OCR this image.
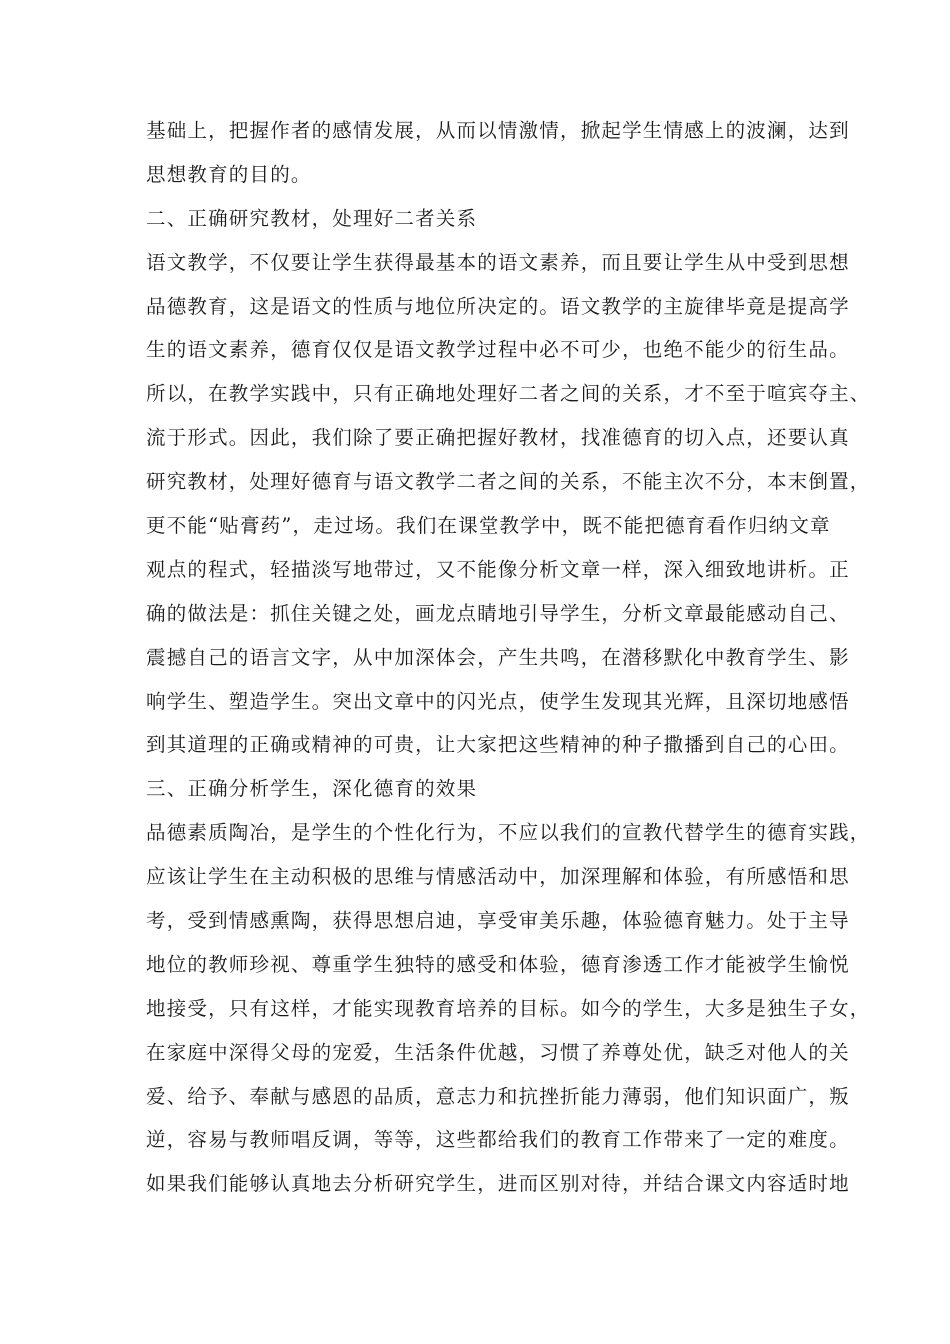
基础上，把握作者的感情发展，从而以情激情，掀起学生情感上的波澜，达到
思想教育的目的。
二、正确研究教材，处理好二者关系
语文教学，不仅要让学生获得最基本的语文素养，而且要让学生从中受到思想
品德教育，这是语文的性质与地位所决定的。语文教学的主旋律毕竟是提高学
生的语文素养，德育仅仅是语文教学过程中必不可少，也绝不能少的衍生品。
所以，在教学实践中，只有正确地处理好二者之间的关系，才不至于喧宾夺主、
流于形式。因此，我们除了要正确把握好教材，找准德育的切入点，还要认真
研究教材，处理好德育与语文教学二者之间的关系，不能主次不分，本末倒置，
更不能“贴膏药”，走过场。我们在课堂教学中，既不能把德育看作归纳文章
观点的程式，轻描淡写地带过，又不能像分析文章一样，深入细致地讲析。正
确的做法是：抓住关键之处，画龙点睛地引导学生，分析文章最能感动自己、
震撼自己的语言文字，从中加深体会，产生共鸣，在潜移默化中教育学生、影
响学生、塑造学生。突出文章中的闪光点，使学生发现其光辉，且深切地感悟
到其道理的正确或精神的可贵，让大家把这些精神的种子撒播到自己的心田。
三、正确分析学生，深化德育的效果
品德素质陶冶，是学生的个性化行为，不应以我们的宣教代替学生的德育实践，
应该让学生在主动积极的思维与情感活动中，加深理解和体验，有所感悟和思
考，受到情感熏陶，获得思想启迪，享受审美乐趣，体验德育魅力。处于主导
地位的教师珍视、尊重学生独特的感受和体验，德育渗透工作才能被学生愉悦
地接受，只有这样，才能实现教育培养的目标。如今的学生，大多是独生子女，
在家庭中深得父母的宠爱，生活条件优越，习惯了养尊处优，缺乏对他人的关
爱、给予、奉献与感恩的品质，意志力和抗挫折能力薄弱，他们知识面广，叛
逆，容易与教师唱反调，等等，这些都给我们的教育工作带来了一定的难度。
如果我们能够认真地去分析研究学生，进而区别对待，并结合课文内容适时地
